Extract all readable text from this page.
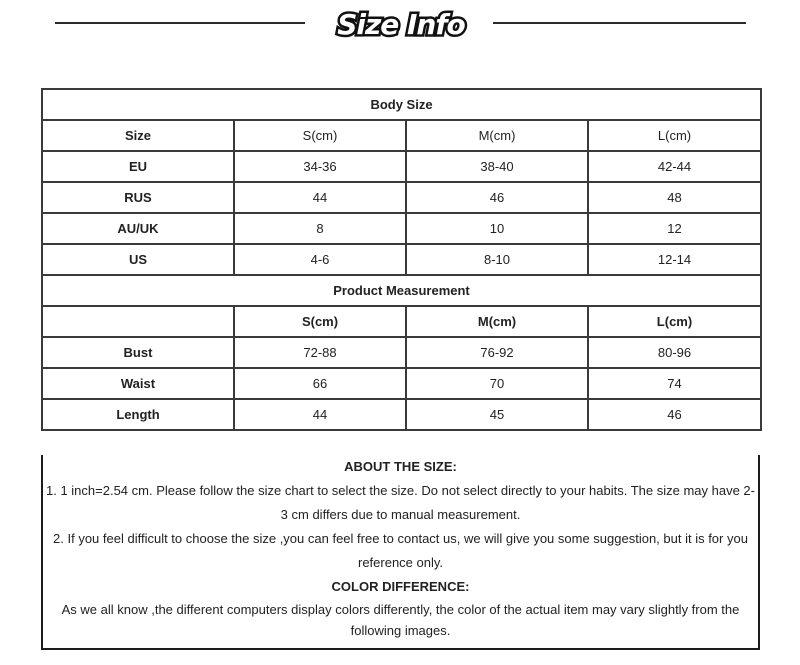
Size Info
Body Size			
Size	S(cm)	M(cm)	L(cm)
EU	34-36	38-40	42-44
RUS	44	46	48
AU/UK	8	10	12
US	4-6	8-10	12-14
Product Measurement			
	S(cm)	M(cm)	L(cm)
Bust	72-88	76-92	80-96
Waist	66	70	74
Length	44	45	46

ABOUT THE SIZE:

1. 1 inch=2.54 cm. Please follow the size chart to select the size. Do not select directly to your habits. The size may have 2-3 cm differs due to manual measurement.

2. If you feel difficult to choose the size ,you can feel free to contact us, we will give you some suggestion, but it is for you reference only.

COLOR DIFFERENCE:

As we all know ,the different computers display colors differently, the color of the actual item may vary slightly from the following images.
